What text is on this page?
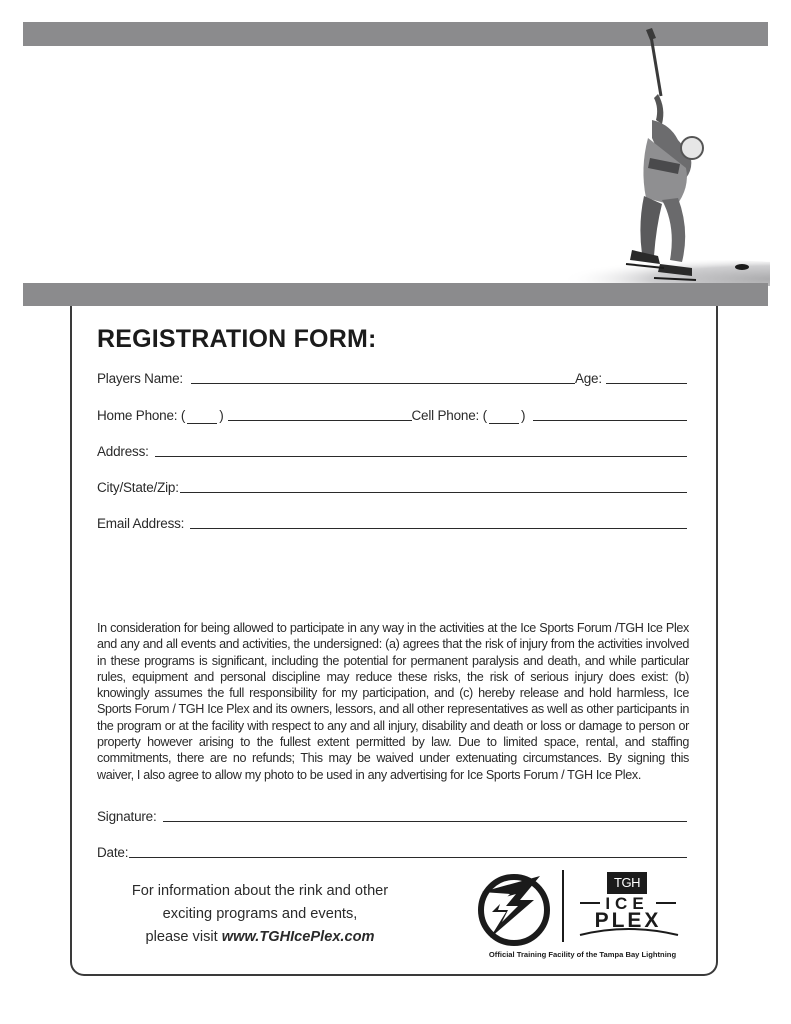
REGISTRATION FORM:
Players Name:	Age:
Home Phone: (	)	Cell Phone: (	)
Address:
City/State/Zip:
Email Address:

In consideration for being allowed to participate in any way in the activities at the Ice Sports Forum /TGH Ice Plex and any and all events and activities, the undersigned: (a) agrees that the risk of injury from the activities involved in these programs is significant, including the potential for permanent paralysis and death, and while particular rules, equipment and personal discipline may reduce these risks, the risk of serious injury does exist: (b) knowingly assumes the full responsibility for my participation, and (c) hereby release and hold harmless, Ice Sports Forum / TGH Ice Plex and its owners, lessors, and all other representatives as well as other participants in the program or at the facility with respect to any and all injury, disability and death or loss or damage to person or property however arising to the fullest extent permitted by law. Due to limited space, rental, and staffing commitments, there are no refunds; This may be waived under extenuating circumstances. By signing this waiver, I also agree to allow my photo to be used in any advertising for Ice Sports Forum / TGH Ice Plex.

Signature:
Date:

For information about the rink and other

exciting programs and events,

please visit www.TGHIcePlex.com

TGH
ICE
PLEX
Official Training Facility of the Tampa Bay Lightning
